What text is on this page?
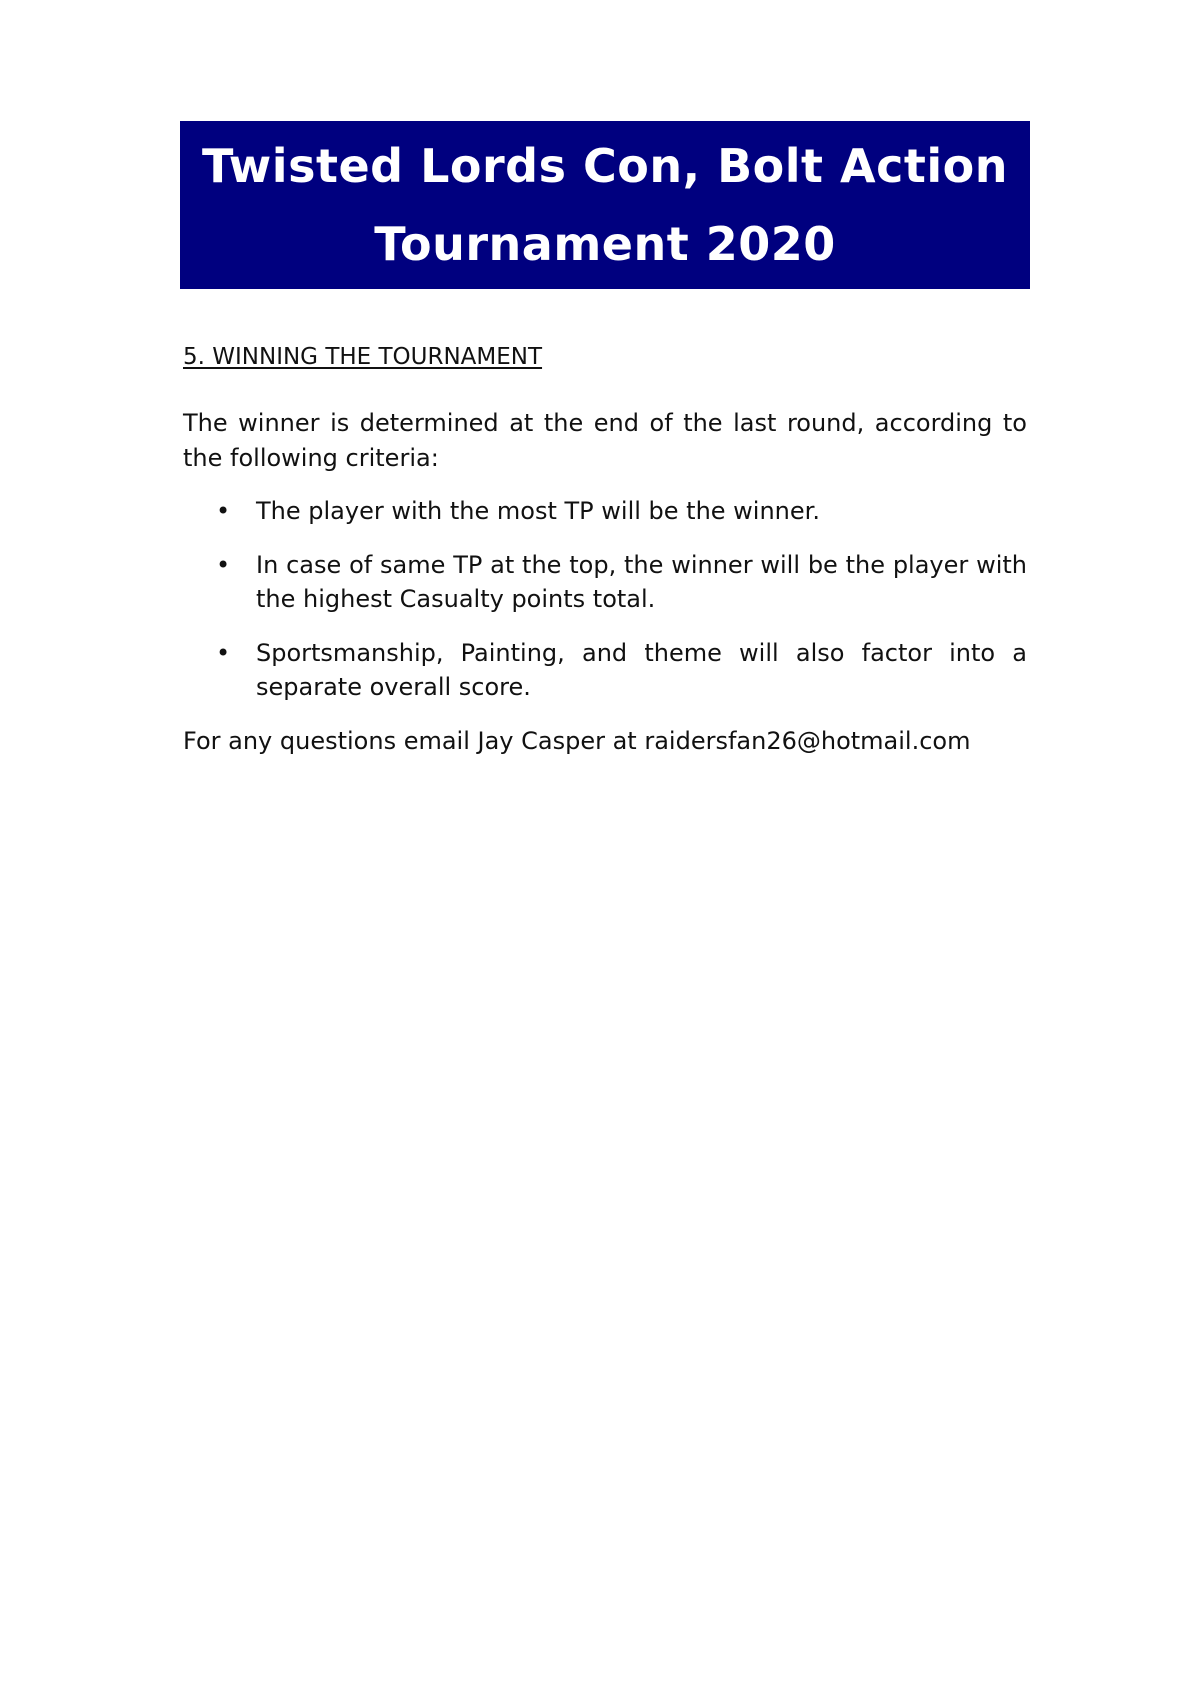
Twisted Lords Con, Bolt Action
Tournament 2020
5. WINNING THE TOURNAMENT

The winner is determined at the end of the last round, according to the following criteria:

• The player with the most TP will be the winner.
• In case of same TP at the top, the winner will be the player with the highest Casualty points total.
• Sportsmanship, Painting, and theme will also factor into a separate overall score.

For any questions email Jay Casper at raidersfan26@hotmail.com
